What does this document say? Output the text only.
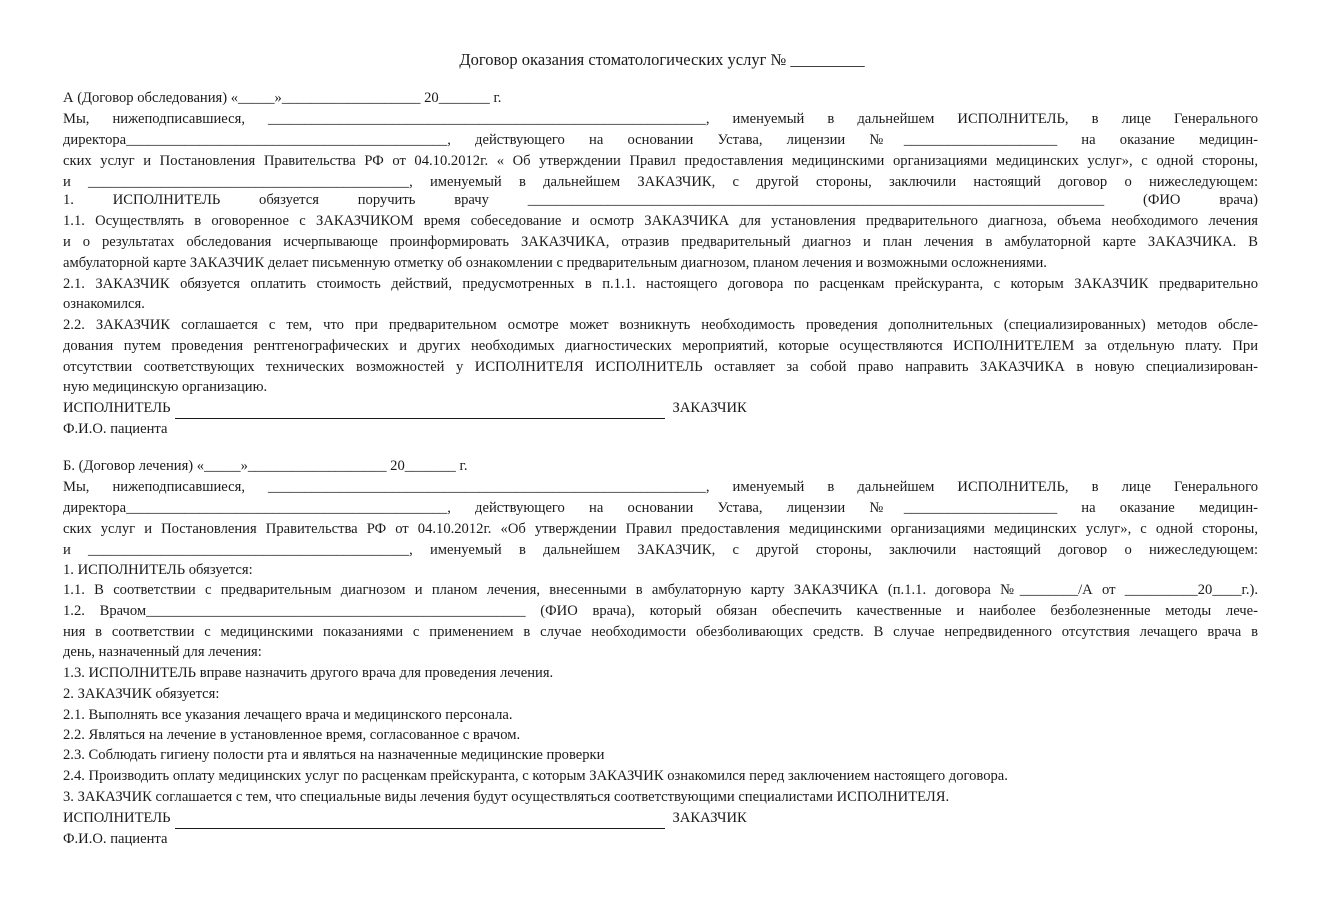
Договор оказания стоматологических услуг № _________
А (Договор обследования) «_____»___________________ 20_______ г.
Мы, нижеподписавшиеся, ____________________________________________________________, именуемый в дальнейшем ИСПОЛНИТЕЛЬ, в лице Генерального
директора____________________________________________, действующего на основании Устава, лицензии №_____________________ на оказание медицин-
ских услуг и Постановления Правительства РФ от 04.10.2012г. « Об утверждении Правил предоставления медицинскими организациями медицинских услуг», с одной стороны,
и ____________________________________________, именуемый в дальнейшем ЗАКАЗЧИК, с другой стороны, заключили настоящий договор о нижеследующем:
1. ИСПОЛНИТЕЛЬ обязуется поручить врачу _______________________________________________________________________________ (ФИО врача)
1.1. Осуществлять в оговоренное с ЗАКАЗЧИКОМ время собеседование и осмотр ЗАКАЗЧИКА для установления предварительного диагноза, объема необходимого лечения
и о результатах обследования исчерпывающе проинформировать ЗАКАЗЧИКА, отразив предварительный диагноз и план лечения в амбулаторной карте ЗАКАЗЧИКА. В
амбулаторной карте ЗАКАЗЧИК делает письменную отметку об ознакомлении с предварительным диагнозом, планом лечения и возможными осложнениями.
2.1. ЗАКАЗЧИК обязуется оплатить стоимость действий, предусмотренных в п.1.1. настоящего договора по расценкам прейскуранта, с которым ЗАКАЗЧИК предварительно
ознакомился.
2.2. ЗАКАЗЧИК соглашается с тем, что при предварительном осмотре может возникнуть необходимость проведения дополнительных (специализированных) методов обсле-
дования путем проведения рентгенографических и других необходимых диагностических мероприятий, которые осуществляются ИСПОЛНИТЕЛЕМ за отдельную плату. При
отсутствии соответствующих технических возможностей у ИСПОЛНИТЕЛЯ ИСПОЛНИТЕЛЬ оставляет за собой право направить ЗАКАЗЧИКА в новую специализирован-
ную медицинскую организацию.
ИСПОЛНИТЕЛЬ	ЗАКАЗЧИК
Ф.И.О. пациента
Б. (Договор лечения) «_____»___________________ 20_______ г.
Мы, нижеподписавшиеся, ____________________________________________________________, именуемый в дальнейшем ИСПОЛНИТЕЛЬ, в лице Генерального
директора____________________________________________, действующего на основании Устава, лицензии №_____________________ на оказание медицин-
ских услуг и Постановления Правительства РФ от 04.10.2012г. «Об утверждении Правил предоставления медицинскими организациями медицинских услуг», с одной стороны,
и ____________________________________________, именуемый в дальнейшем ЗАКАЗЧИК, с другой стороны, заключили настоящий договор о нижеследующем:
1. ИСПОЛНИТЕЛЬ обязуется:
1.1. В соответствии с предварительным диагнозом и планом лечения, внесенными в амбулаторную карту ЗАКАЗЧИКА (п.1.1. договора №________/А от __________20____г.).
1.2. Врачом____________________________________________________ (ФИО врача), который обязан обеспечить качественные и наиболее безболезненные методы лече-
ния в соответствии с медицинскими показаниями с применением в случае необходимости обезболивающих средств. В случае непредвиденного отсутствия лечащего врача в
день, назначенный для лечения:
1.3. ИСПОЛНИТЕЛЬ вправе назначить другого врача для проведения лечения.
2. ЗАКАЗЧИК обязуется:
2.1. Выполнять все указания лечащего врача и медицинского персонала.
2.2. Являться на лечение в установленное время, согласованное с врачом.
2.3. Соблюдать гигиену полости рта и являться на назначенные медицинские проверки
2.4. Производить оплату медицинских услуг по расценкам прейскуранта, с которым ЗАКАЗЧИК ознакомился перед заключением настоящего договора.
3. ЗАКАЗЧИК соглашается с тем, что специальные виды лечения будут осуществляться соответствующими специалистами ИСПОЛНИТЕЛЯ.
ИСПОЛНИТЕЛЬ	ЗАКАЗЧИК
Ф.И.О. пациента
